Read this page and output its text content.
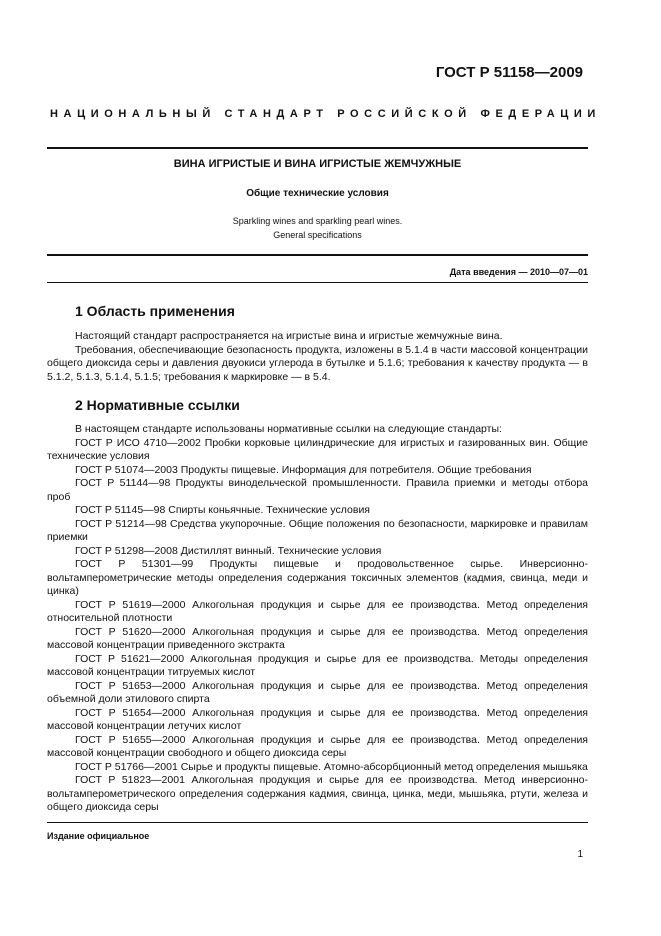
ГОСТ Р 51158—2009
НАЦИОНАЛЬНЫЙ СТАНДАРТ РОССИЙСКОЙ ФЕДЕРАЦИИ
ВИНА ИГРИСТЫЕ И ВИНА ИГРИСТЫЕ ЖЕМЧУЖНЫЕ
Общие технические условия
Sparkling wines and sparkling pearl wines.
General specifications
Дата введения — 2010—07—01
1 Область применения

Настоящий стандарт распространяется на игристые вина и игристые жемчужные вина.

Требования, обеспечивающие безопасность продукта, изложены в 5.1.4 в части массовой концентрации общего диоксида серы и давления двуокиси углерода в бутылке и 5.1.6; требования к качеству продукта — в 5.1.2, 5.1.3, 5.1.4, 5.1.5; требования к маркировке — в 5.4.

2 Нормативные ссылки

В настоящем стандарте использованы нормативные ссылки на следующие стандарты:

ГОСТ Р ИСО 4710—2002 Пробки корковые цилиндрические для игристых и газированных вин. Общие технические условия

ГОСТ Р 51074—2003 Продукты пищевые. Информация для потребителя. Общие требования

ГОСТ Р 51144—98 Продукты винодельческой промышленности. Правила приемки и методы отбора проб

ГОСТ Р 51145—98 Спирты коньячные. Технические условия

ГОСТ Р 51214—98 Средства укупорочные. Общие положения по безопасности, маркировке и правилам приемки

ГОСТ Р 51298—2008 Дистиллят винный. Технические условия

ГОСТ Р 51301—99 Продукты пищевые и продовольственное сырье. Инверсионно-вольтамперометрические методы определения содержания токсичных элементов (кадмия, свинца, меди и цинка)

ГОСТ Р 51619—2000 Алкогольная продукция и сырье для ее производства. Метод определения относительной плотности

ГОСТ Р 51620—2000 Алкогольная продукция и сырье для ее производства. Метод определения массовой концентрации приведенного экстракта

ГОСТ Р 51621—2000 Алкогольная продукция и сырье для ее производства. Методы определения массовой концентрации титруемых кислот

ГОСТ Р 51653—2000 Алкогольная продукция и сырье для ее производства. Метод определения объемной доли этилового спирта

ГОСТ Р 51654—2000 Алкогольная продукция и сырье для ее производства. Метод определения массовой концентрации летучих кислот

ГОСТ Р 51655—2000 Алкогольная продукция и сырье для ее производства. Метод определения массовой концентрации свободного и общего диоксида серы

ГОСТ Р 51766—2001 Сырье и продукты пищевые. Атомно-абсорбционный метод определения мышьяка

ГОСТ Р 51823—2001 Алкогольная продукция и сырье для ее производства. Метод инверсионно-вольтамперометрического определения содержания кадмия, свинца, цинка, меди, мышьяка, ртути, железа и общего диоксида серы

Издание официальное
1
